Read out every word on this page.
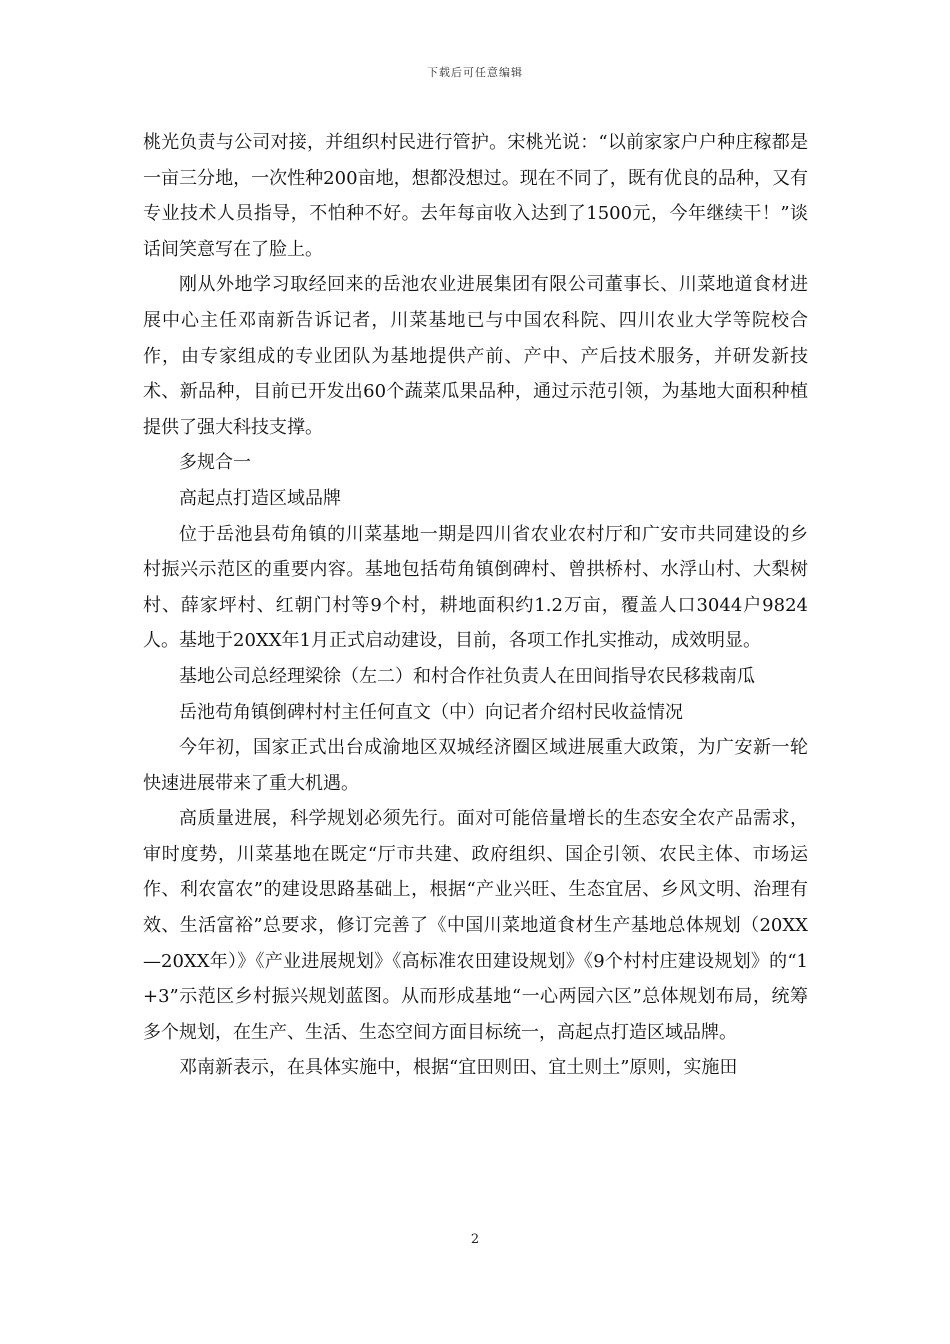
下载后可任意编辑

桃光负责与公司对接，并组织村民进行管护。宋桃光说：“以前家家户户种庄稼都是一亩三分地，一次性种200亩地，想都没想过。现在不同了，既有优良的品种，又有专业技术人员指导，不怕种不好。去年每亩收入达到了1500元，今年继续干！”谈话间笑意写在了脸上。

刚从外地学习取经回来的岳池农业进展集团有限公司董事长、川菜地道食材进展中心主任邓南新告诉记者，川菜基地已与中国农科院、四川农业大学等院校合作，由专家组成的专业团队为基地提供产前、产中、产后技术服务，并研发新技术、新品种，目前已开发出60个蔬菜瓜果品种，通过示范引领，为基地大面积种植提供了强大科技支撑。

多规合一

高起点打造区域品牌

位于岳池县苟角镇的川菜基地一期是四川省农业农村厅和广安市共同建设的乡村振兴示范区的重要内容。基地包括苟角镇倒碑村、曾拱桥村、水浮山村、大梨树村、薛家坪村、红朝门村等9个村，耕地面积约1.2万亩，覆盖人口3044户9824人。基地于20XX年1月正式启动建设，目前，各项工作扎实推动，成效明显。

基地公司总经理梁徐（左二）和村合作社负责人在田间指导农民移栽南瓜

岳池苟角镇倒碑村村主任何直文（中）向记者介绍村民收益情况

今年初，国家正式出台成渝地区双城经济圈区域进展重大政策，为广安新一轮快速进展带来了重大机遇。

高质量进展，科学规划必须先行。面对可能倍量增长的生态安全农产品需求，审时度势，川菜基地在既定“厅市共建、政府组织、国企引领、农民主体、市场运作、利农富农”的建设思路基础上，根据“产业兴旺、生态宜居、乡风文明、治理有效、生活富裕”总要求，修订完善了《中国川菜地道食材生产基地总体规划（20XX—20XX年）》《产业进展规划》《高标准农田建设规划》《9个村村庄建设规划》的“1+3”示范区乡村振兴规划蓝图。从而形成基地“一心两园六区”总体规划布局，统筹多个规划，在生产、生活、生态空间方面目标统一，高起点打造区域品牌。

邓南新表示，在具体实施中，根据“宜田则田、宜土则土”原则，实施田

2
